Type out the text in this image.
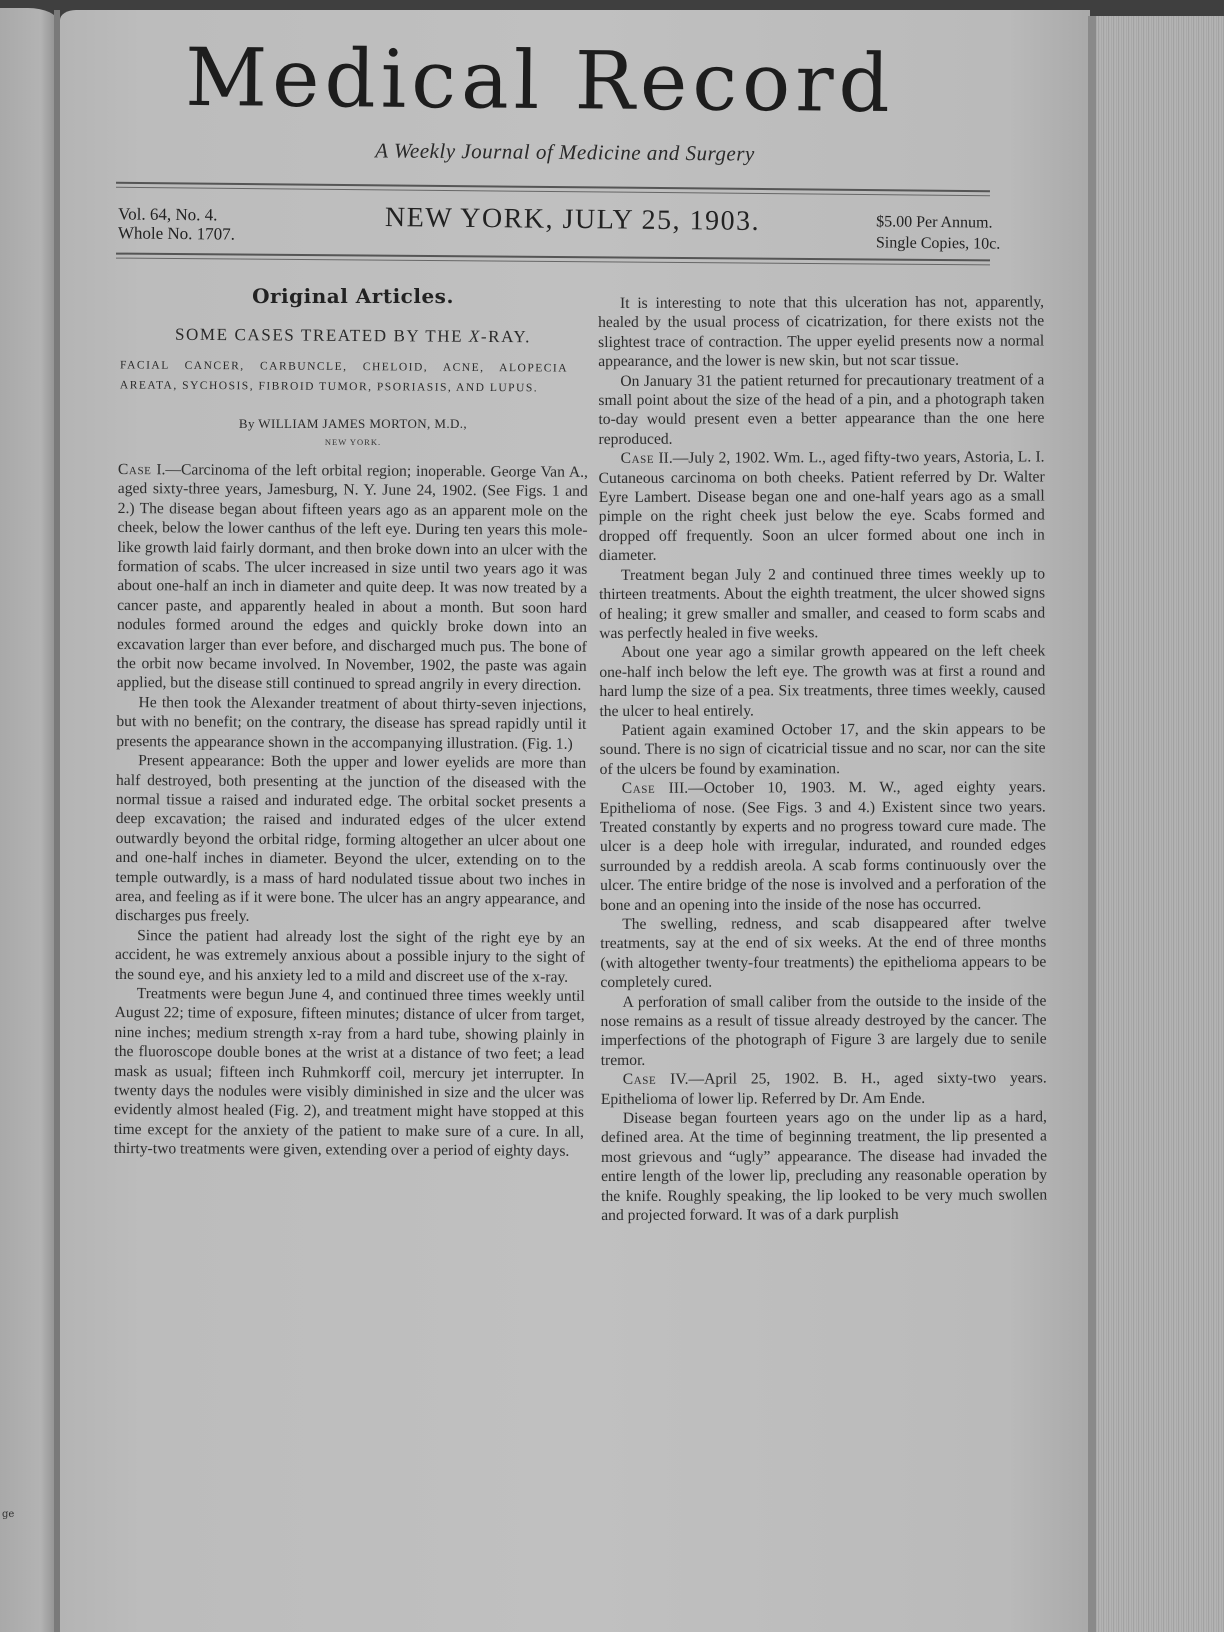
ge
Medical Record
A Weekly Journal of Medicine and Surgery
Vol. 64, No. 4.
Whole No. 1707.	NEW YORK, JULY 25, 1903.	$5.00 Per Annum.
Single Copies, 10c.
Original Articles.
SOME CASES TREATED BY THE X-RAY.
FACIAL CANCER, CARBUNCLE, CHELOID, ACNE, ALOPECIA AREATA, SYCHOSIS, FIBROID TUMOR, PSORIASIS, AND LUPUS.
By WILLIAM JAMES MORTON, M.D.,
NEW YORK.

Case I.—Carcinoma of the left orbital region; inoperable. George Van A., aged sixty-three years, Jamesburg, N. Y. June 24, 1902. (See Figs. 1 and 2.) The disease began about fifteen years ago as an apparent mole on the cheek, below the lower canthus of the left eye. During ten years this mole-like growth laid fairly dormant, and then broke down into an ulcer with the formation of scabs. The ulcer increased in size until two years ago it was about one-half an inch in diameter and quite deep. It was now treated by a cancer paste, and apparently healed in about a month. But soon hard nodules formed around the edges and quickly broke down into an excavation larger than ever before, and discharged much pus. The bone of the orbit now became involved. In November, 1902, the paste was again applied, but the disease still continued to spread angrily in every direction.

He then took the Alexander treatment of about thirty-seven injections, but with no benefit; on the contrary, the disease has spread rapidly until it presents the appearance shown in the accompanying illustration. (Fig. 1.)

Present appearance: Both the upper and lower eyelids are more than half destroyed, both presenting at the junction of the diseased with the normal tissue a raised and indurated edge. The orbital socket presents a deep excavation; the raised and indurated edges of the ulcer extend outwardly beyond the orbital ridge, forming altogether an ulcer about one and one-half inches in diameter. Beyond the ulcer, extending on to the temple outwardly, is a mass of hard nodulated tissue about two inches in area, and feeling as if it were bone. The ulcer has an angry appearance, and discharges pus freely.

Since the patient had already lost the sight of the right eye by an accident, he was extremely anxious about a possible injury to the sight of the sound eye, and his anxiety led to a mild and discreet use of the x-ray.

Treatments were begun June 4, and continued three times weekly until August 22; time of exposure, fifteen minutes; distance of ulcer from target, nine inches; medium strength x-ray from a hard tube, showing plainly in the fluoroscope double bones at the wrist at a distance of two feet; a lead mask as usual; fifteen inch Ruhmkorff coil, mercury jet interrupter. In twenty days the nodules were visibly diminished in size and the ulcer was evidently almost healed (Fig. 2), and treatment might have stopped at this time except for the anxiety of the patient to make sure of a cure. In all, thirty-two treatments were given, extending over a period of eighty days.

It is interesting to note that this ulceration has not, apparently, healed by the usual process of cicatrization, for there exists not the slightest trace of contraction. The upper eyelid presents now a normal appearance, and the lower is new skin, but not scar tissue.

On January 31 the patient returned for precautionary treatment of a small point about the size of the head of a pin, and a photograph taken to-day would present even a better appearance than the one here reproduced.

Case II.—July 2, 1902. Wm. L., aged fifty-two years, Astoria, L. I. Cutaneous carcinoma on both cheeks. Patient referred by Dr. Walter Eyre Lambert. Disease began one and one-half years ago as a small pimple on the right cheek just below the eye. Scabs formed and dropped off frequently. Soon an ulcer formed about one inch in diameter.

Treatment began July 2 and continued three times weekly up to thirteen treatments. About the eighth treatment, the ulcer showed signs of healing; it grew smaller and smaller, and ceased to form scabs and was perfectly healed in five weeks.

About one year ago a similar growth appeared on the left cheek one-half inch below the left eye. The growth was at first a round and hard lump the size of a pea. Six treatments, three times weekly, caused the ulcer to heal entirely.

Patient again examined October 17, and the skin appears to be sound. There is no sign of cicatricial tissue and no scar, nor can the site of the ulcers be found by examination.

Case III.—October 10, 1903. M. W., aged eighty years. Epithelioma of nose. (See Figs. 3 and 4.) Existent since two years. Treated constantly by experts and no progress toward cure made. The ulcer is a deep hole with irregular, indurated, and rounded edges surrounded by a reddish areola. A scab forms continuously over the ulcer. The entire bridge of the nose is involved and a perforation of the bone and an opening into the inside of the nose has occurred.

The swelling, redness, and scab disappeared after twelve treatments, say at the end of six weeks. At the end of three months (with altogether twenty-four treatments) the epithelioma appears to be completely cured.

A perforation of small caliber from the outside to the inside of the nose remains as a result of tissue already destroyed by the cancer. The imperfections of the photograph of Figure 3 are largely due to senile tremor.

Case IV.—April 25, 1902. B. H., aged sixty-two years. Epithelioma of lower lip. Referred by Dr. Am Ende.

Disease began fourteen years ago on the under lip as a hard, defined area. At the time of beginning treatment, the lip presented a most grievous and “ugly” appearance. The disease had invaded the entire length of the lower lip, precluding any reasonable operation by the knife. Roughly speaking, the lip looked to be very much swollen and projected forward. It was of a dark purplish
